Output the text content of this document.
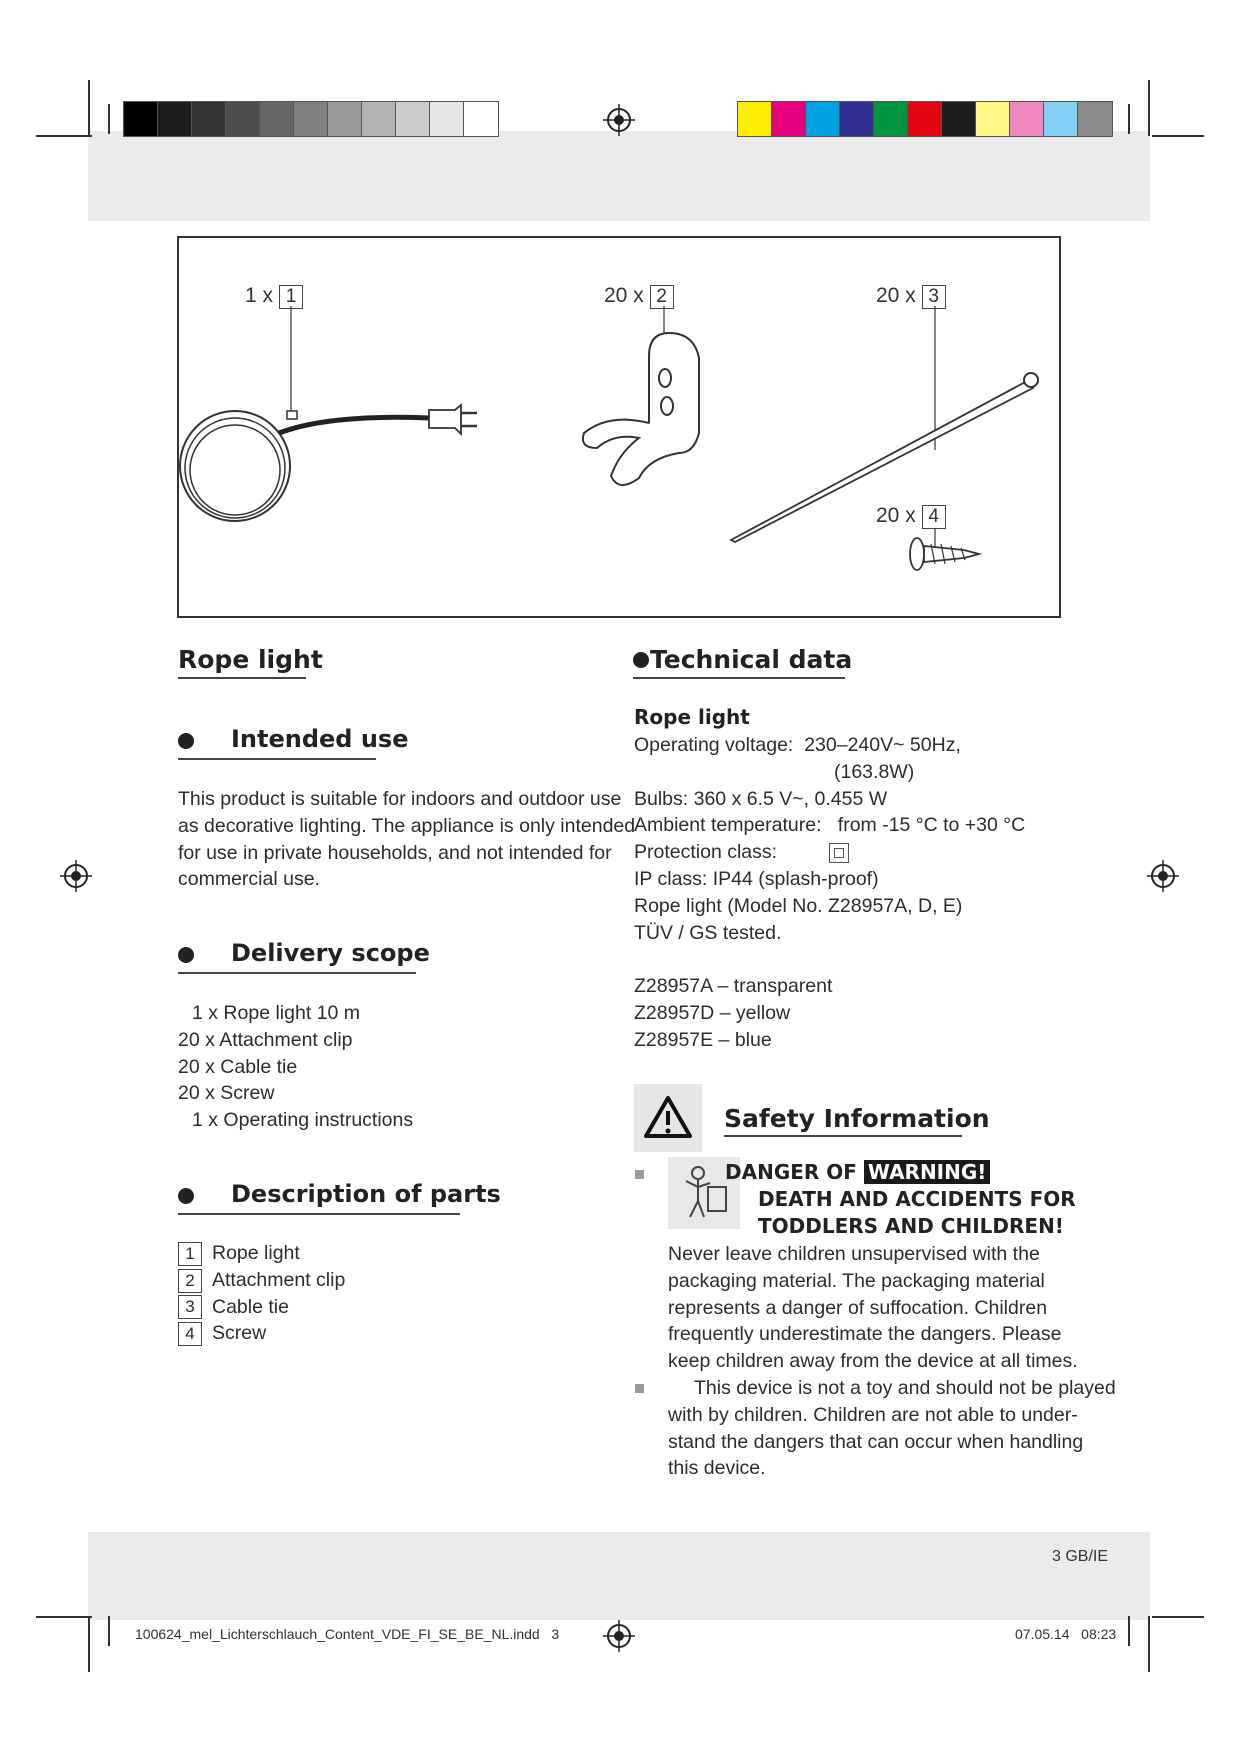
1 x 1	20 x 2	20 x 3
20 x 4
Rope light
Intended use
This product is suitable for indoors and outdoor use
as decorative lighting. The appliance is only intended
for use in private households, and not intended for
commercial use.
Delivery scope
1 x Rope light 10 m
20 x Attachment clip
20 x Cable tie
20 x Screw
1 x Operating instructions
Description of parts
1 Rope light
2 Attachment clip
3 Cable tie
4 Screw
Technical data
Rope light
Operating voltage: 230–240V~ 50Hz,
(163.8W)
Bulbs: 360 x 6.5 V~, 0.455 W
Ambient temperature: from -15 °C to +30 °C
Protection class:
IP class: IP44 (splash-proof)
Rope light (Model No. Z28957A, D, E)
TÜV / GS tested.
Z28957A – transparent
Z28957D – yellow
Z28957E – blue
Safety Information
DANGER OF WARNING!
DEATH AND ACCIDENTS FOR
TODDLERS AND CHILDREN!
Never leave children unsupervised with the
packaging material. The packaging material
represents a danger of suffocation. Children
frequently underestimate the dangers. Please
keep children away from the device at all times.
This device is not a toy and should not be played
with by children. Children are not able to under-
stand the dangers that can occur when handling
this device.
3 GB/IE
100624_mel_Lichterschlauch_Content_VDE_FI_SE_BE_NL.indd   3	07.05.14   08:23
